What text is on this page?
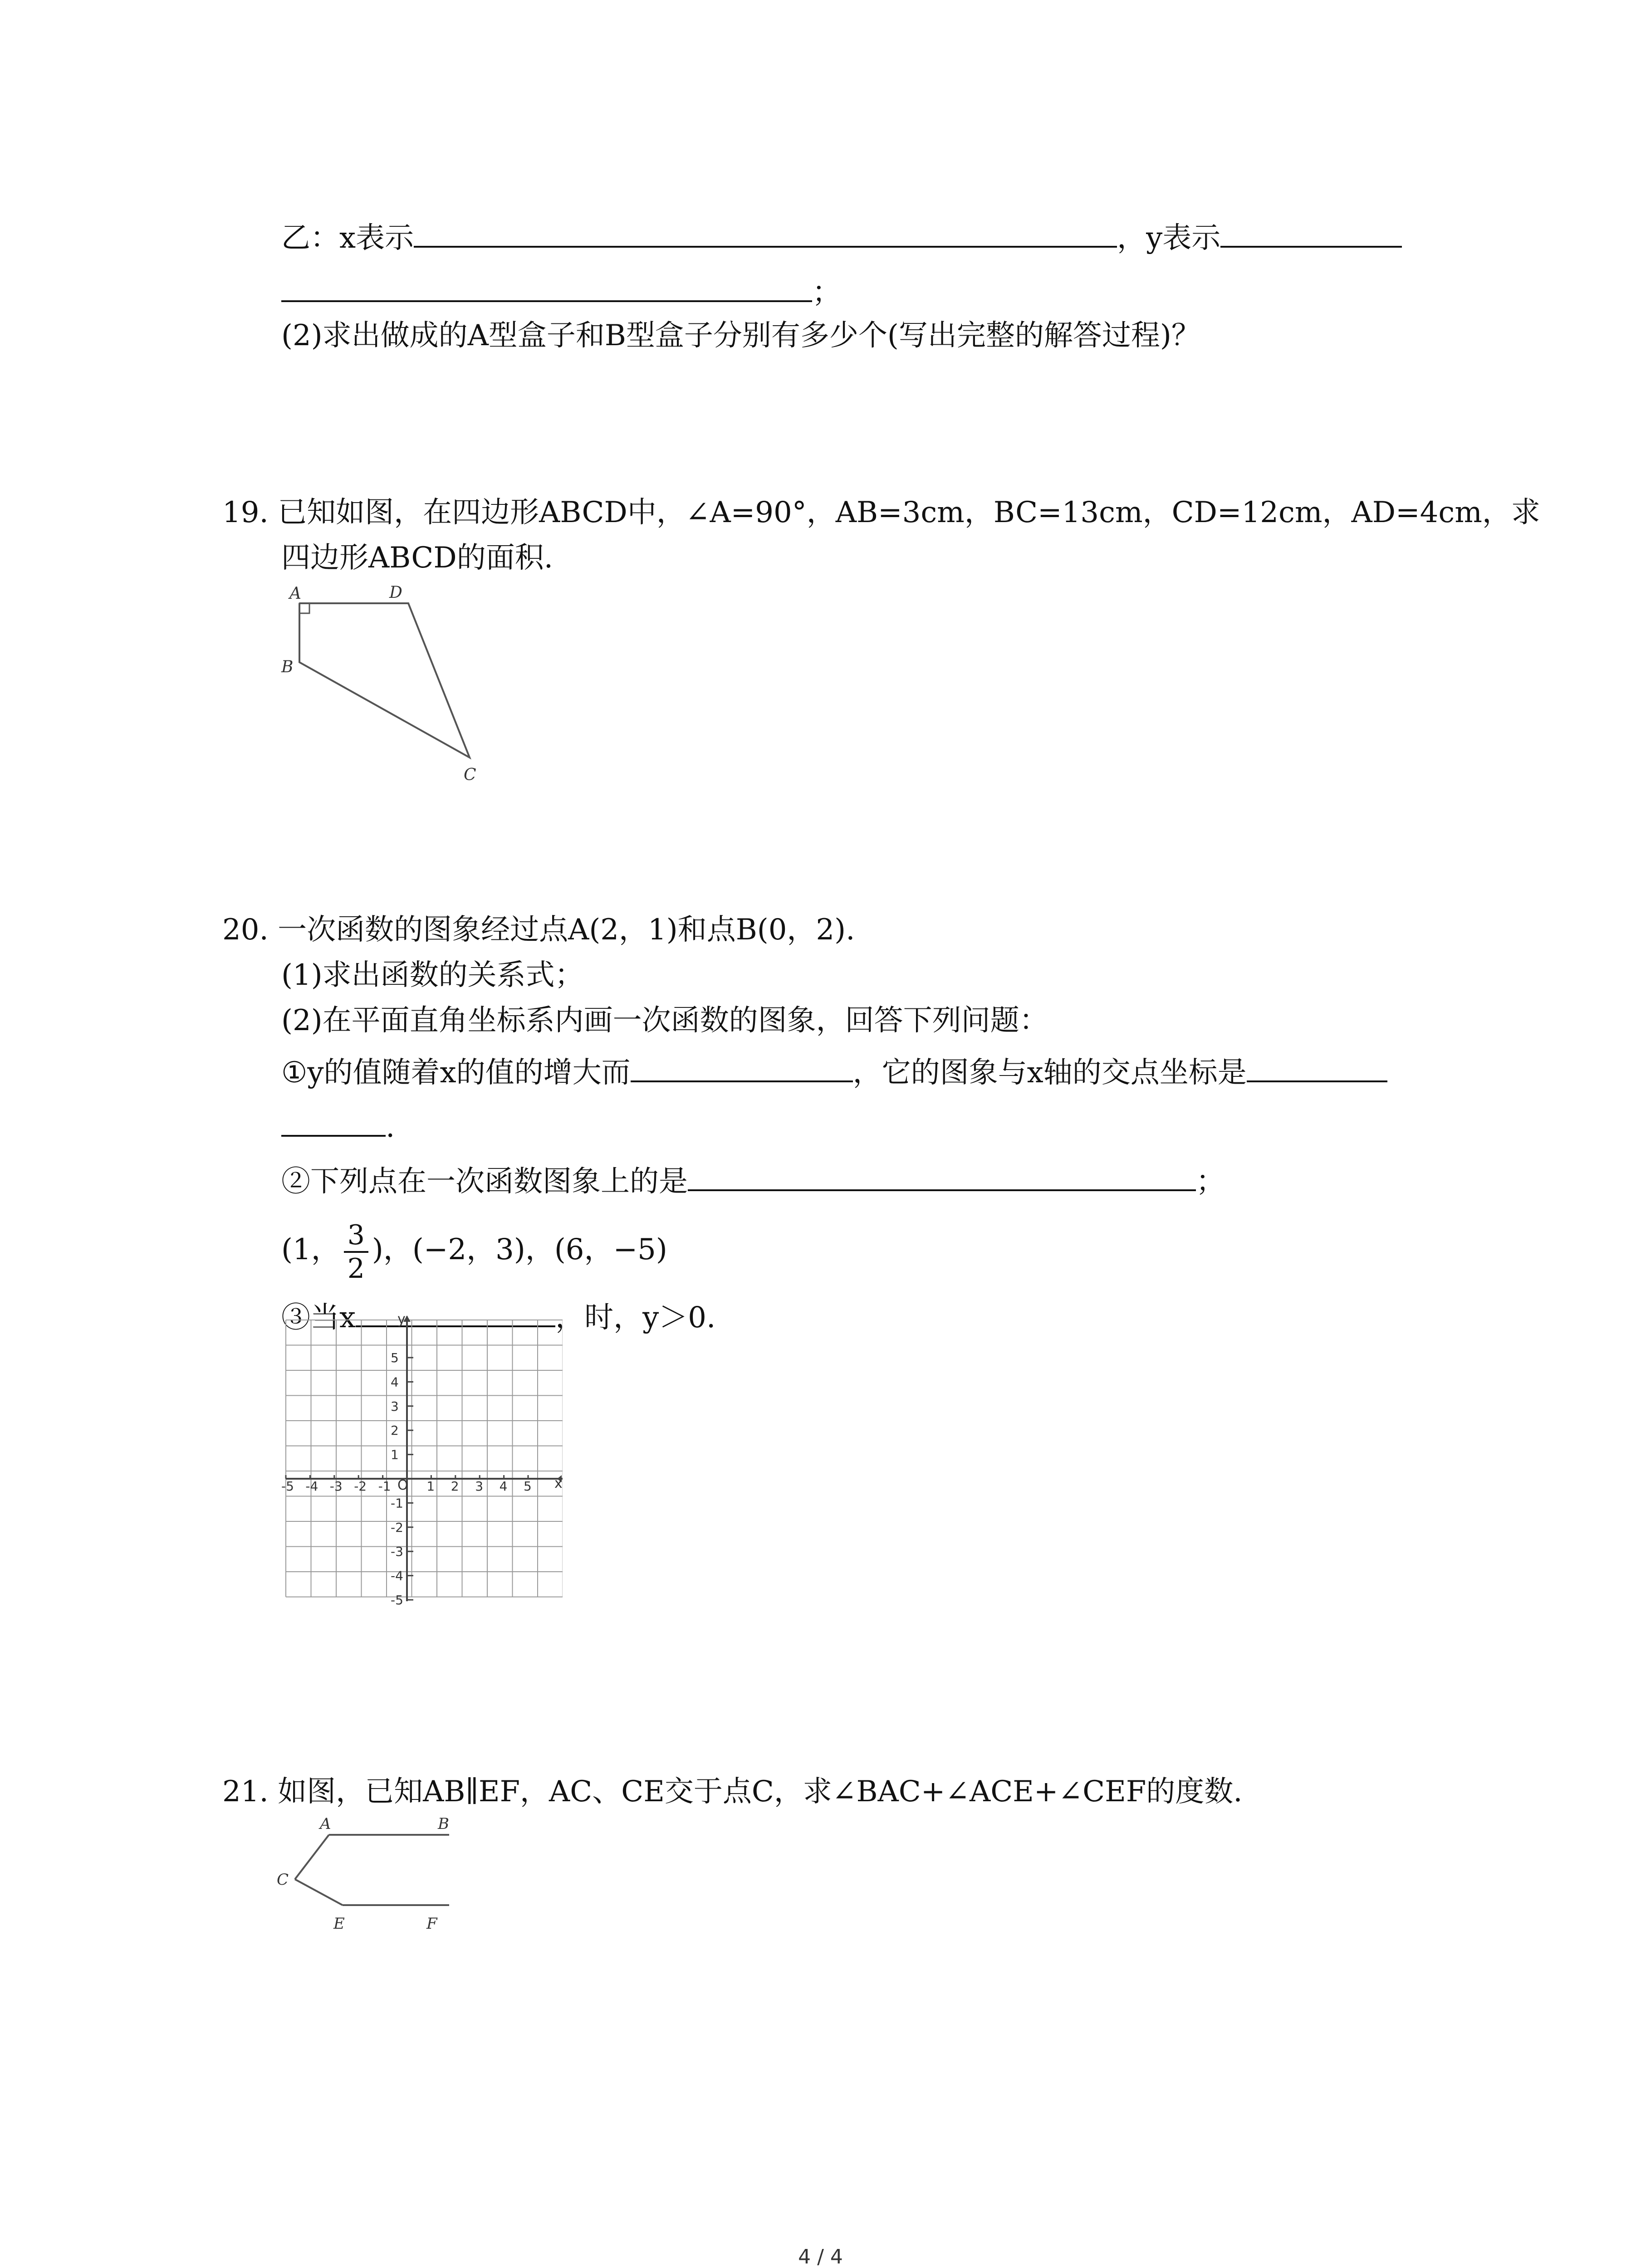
乙：x表示	，y表示
；
(2)求出做成的A型盒子和B型盒子分别有多少个(写出完整的解答过程)？
19. 已知如图，在四边形ABCD中，∠A=90°，AB=3cm，BC=13cm，CD=12cm，AD=4cm，求
四边形ABCD的面积.
A	D
B
C
20. 一次函数的图象经过点A(2，1)和点B(0，2).
(1)求出函数的关系式；
(2)在平面直角坐标系内画一次函数的图象，回答下列问题：
①y的值随着x的值的增大而	，它的图象与x轴的交点坐标是
.
②下列点在一次函数图象上的是	；
(1， $\frac{3}{2}$ )，(−2，3)，(6，−5)
③当x	，时，y＞0.
-5 -4 -3 -2 -1	1 2 3 4 5
5
4
3
2
1
-1
-2
-3
-4
-5
x
y
O
21. 如图，已知AB∥EF，AC、CE交于点C，求∠BAC+∠ACE+∠CEF的度数.
A	B
C
E	F
4 / 4
